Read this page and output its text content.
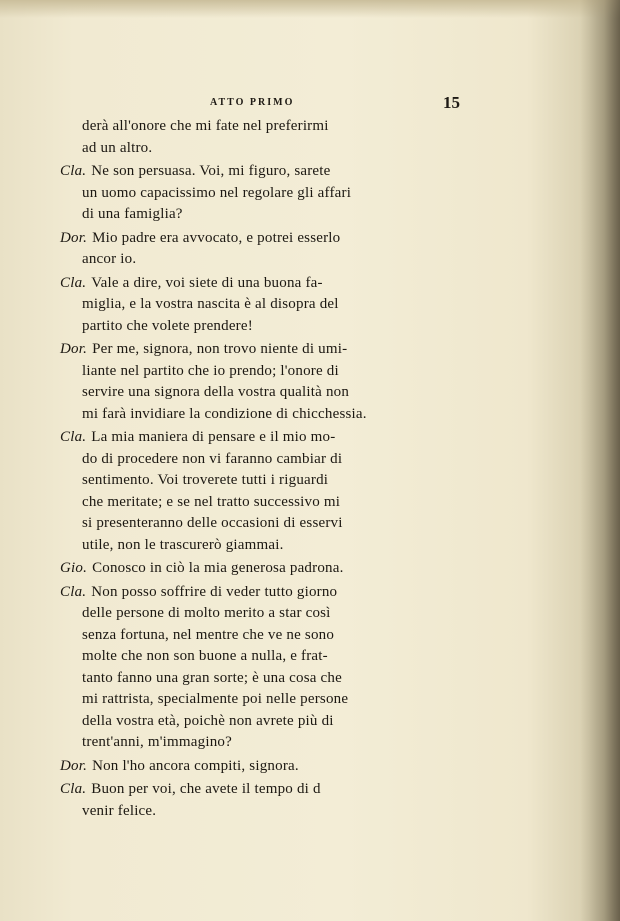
ATTO PRIMO	15
derà all'onore che mi fate nel preferirmi
ad un altro.
Cla. Ne son persuasa. Voi, mi figuro, sarete
un uomo capacissimo nel regolare gli affari
di una famiglia?
Dor. Mio padre era avvocato, e potrei esserlo
ancor io.
Cla. Vale a dire, voi siete di una buona fa-
miglia, e la vostra nascita è al disopra del
partito che volete prendere!
Dor. Per me, signora, non trovo niente di umi-
liante nel partito che io prendo; l'onore di
servire una signora della vostra qualità non
mi farà invidiare la condizione di chicchessia.
Cla. La mia maniera di pensare e il mio mo-
do di procedere non vi faranno cambiar di
sentimento. Voi troverete tutti i riguardi
che meritate; e se nel tratto successivo mi
si presenteranno delle occasioni di esservi
utile, non le trascurerò giammai.
Gio. Conosco in ciò la mia generosa padrona.
Cla. Non posso soffrire di veder tutto giorno
delle persone di molto merito a star così
senza fortuna, nel mentre che ve ne sono
molte che non son buone a nulla, e frat-
tanto fanno una gran sorte; è una cosa che
mi rattrista, specialmente poi nelle persone
della vostra età, poichè non avrete più di
trent'anni, m'immagino?
Dor. Non l'ho ancora compiti, signora.
Cla. Buon per voi, che avete il tempo di d
venir felice.
